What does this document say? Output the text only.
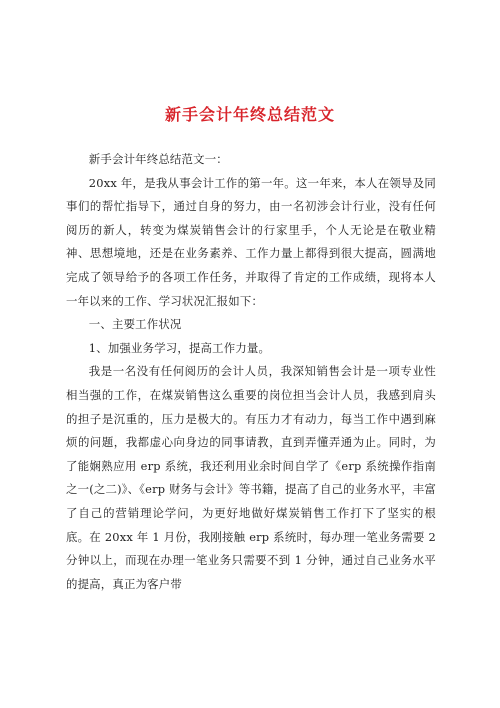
新手会计年终总结范文

新手会计年终总结范文一：

20xx 年，是我从事会计工作的第一年。这一年来，本人在领导及同事们的帮忙指导下，通过自身的努力，由一名初涉会计行业，没有任何阅历的新人，转变为煤炭销售会计的行家里手，个人无论是在敬业精神、思想境地，还是在业务素养、工作力量上都得到很大提高，圆满地完成了领导给予的各项工作任务，并取得了肯定的工作成绩，现将本人一年以来的工作、学习状况汇报如下：

一、主要工作状况

1、加强业务学习，提高工作力量。

我是一名没有任何阅历的会计人员，我深知销售会计是一项专业性相当强的工作，在煤炭销售这么重要的岗位担当会计人员，我感到肩头的担子是沉重的，压力是极大的。有压力才有动力，每当工作中遇到麻烦的问题，我都虚心向身边的同事请教，直到弄懂弄通为止。同时，为了能娴熟应用 erp 系统，我还利用业余时间自学了《erp 系统操作指南之一(之二)》、《erp 财务与会计》等书籍，提高了自己的业务水平，丰富了自己的营销理论学问，为更好地做好煤炭销售工作打下了坚实的根底。在 20xx 年 1 月份，我刚接触 erp 系统时，每办理一笔业务需要 2 分钟以上，而现在办理一笔业务只需要不到 1 分钟，通过自己业务水平的提高，真正为客户带
